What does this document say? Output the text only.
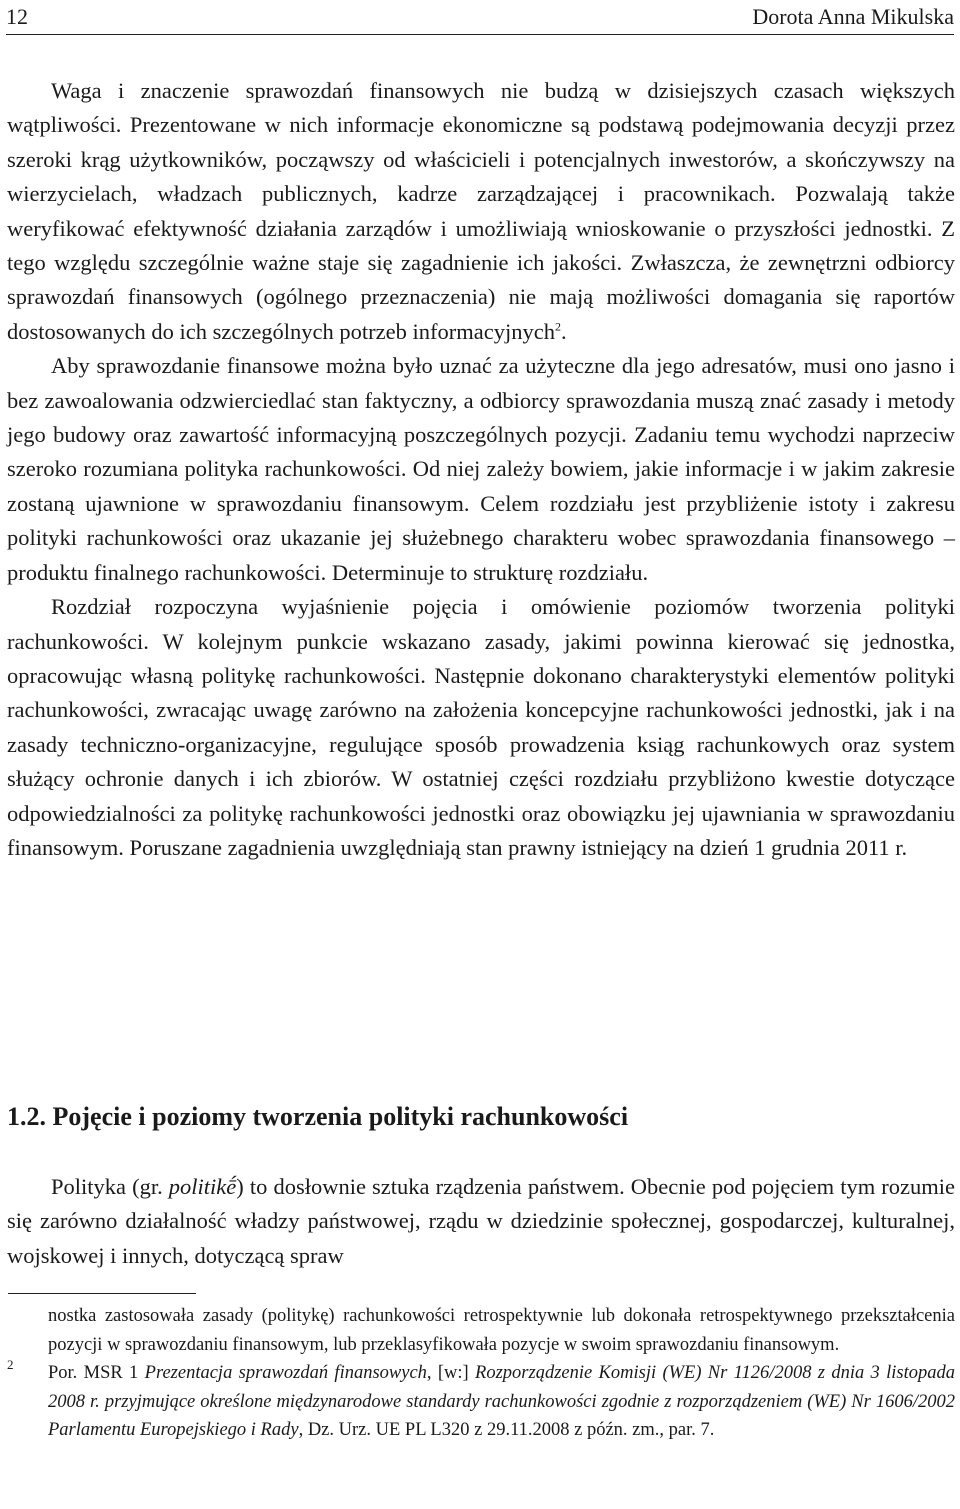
12	Dorota Anna Mikulska

Waga i znaczenie sprawozdań finansowych nie budzą w dzisiejszych czasach większych wątpliwości. Prezentowane w nich informacje ekonomiczne są podstawą podejmowania decyzji przez szeroki krąg użytkowników, począwszy od właścicieli i potencjalnych inwestorów, a skończywszy na wierzycielach, władzach publicznych, kadrze zarządzającej i pracownikach. Pozwalają także weryfikować efektywność działania zarządów i umożliwiają wnioskowanie o przyszłości jednostki. Z tego względu szczególnie ważne staje się zagadnienie ich jakości. Zwłaszcza, że zewnętrzni odbiorcy sprawozdań finansowych (ogólnego przeznaczenia) nie mają możliwości domagania się raportów dostosowanych do ich szczególnych potrzeb informacyjnych$^2$.

Aby sprawozdanie finansowe można było uznać za użyteczne dla jego adresatów, musi ono jasno i bez zawoalowania odzwierciedlać stan faktyczny, a odbiorcy sprawozdania muszą znać zasady i metody jego budowy oraz zawartość informacyjną poszczególnych pozycji. Zadaniu temu wychodzi naprzeciw szeroko rozumiana polityka rachunkowości. Od niej zależy bowiem, jakie informacje i w jakim zakresie zostaną ujawnione w sprawozdaniu finansowym. Celem rozdziału jest przybliżenie istoty i zakresu polityki rachunkowości oraz ukazanie jej służebnego charakteru wobec sprawozdania finansowego – produktu finalnego rachunkowości. Determinuje to strukturę rozdziału.

Rozdział rozpoczyna wyjaśnienie pojęcia i omówienie poziomów tworzenia polityki rachunkowości. W kolejnym punkcie wskazano zasady, jakimi powinna kierować się jednostka, opracowując własną politykę rachunkowości. Następnie dokonano charakterystyki elementów polityki rachunkowości, zwracając uwagę zarówno na założenia koncepcyjne rachunkowości jednostki, jak i na zasady techniczno-organizacyjne, regulujące sposób prowadzenia ksiąg rachunkowych oraz system służący ochronie danych i ich zbiorów. W ostatniej części rozdziału przybliżono kwestie dotyczące odpowiedzialności za politykę rachunkowości jednostki oraz obowiązku jej ujawniania w sprawozdaniu finansowym. Poruszane zagadnienia uwzględniają stan prawny istniejący na dzień 1 grudnia 2011 r.

1.2. Pojęcie i poziomy tworzenia polityki rachunkowości

Polityka (gr. politikḗ) to dosłownie sztuka rządzenia państwem. Obecnie pod pojęciem tym rozumie się zarówno działalność władzy państwowej, rządu w dziedzinie społecznej, gospodarczej, kulturalnej, wojskowej i innych, dotyczącą spraw

nostka zastosowała zasady (politykę) rachunkowości retrospektywnie lub dokonała retrospektywnego przekształcenia pozycji w sprawozdaniu finansowym, lub przeklasyfikowała pozycje w swoim sprawozdaniu finansowym.

2 Por. MSR 1 Prezentacja sprawozdań finansowych, [w:] Rozporządzenie Komisji (WE) Nr 1126/2008 z dnia 3 listopada 2008 r. przyjmujące określone międzynarodowe standardy rachunkowości zgodnie z rozporządzeniem (WE) Nr 1606/2002 Parlamentu Europejskiego i Rady, Dz. Urz. UE PL L320 z 29.11.2008 z późn. zm., par. 7.
